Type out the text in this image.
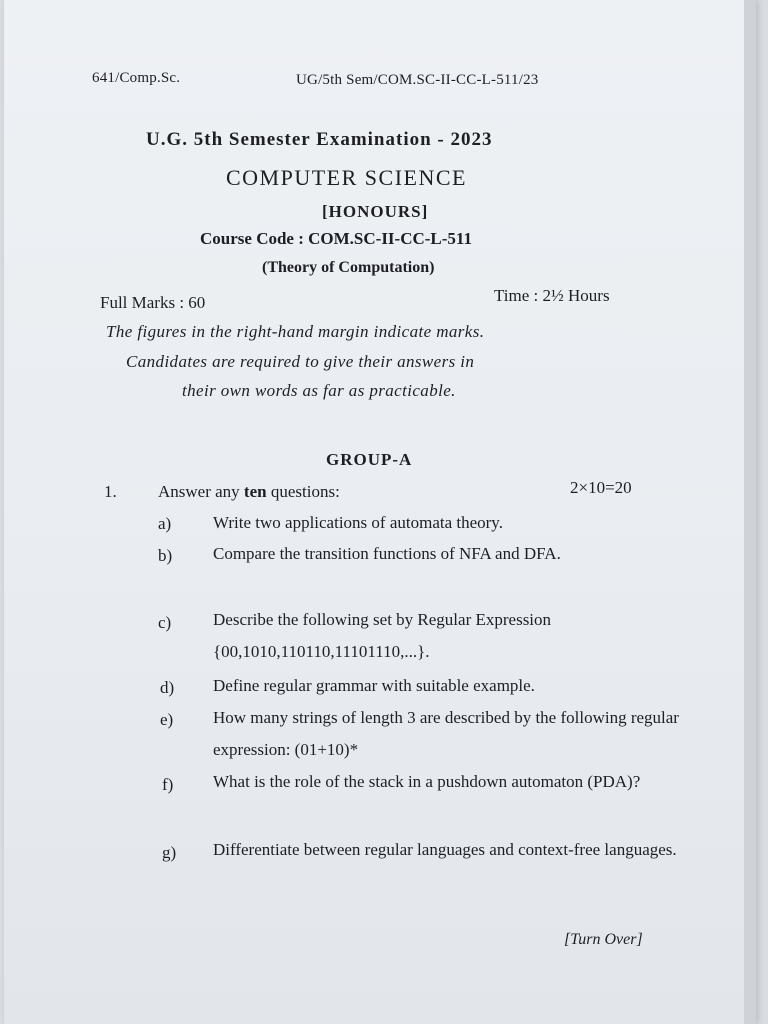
641/Comp.Sc.	UG/5th Sem/COM.SC-II-CC-L-511/23
U.G. 5th Semester Examination - 2023
COMPUTER SCIENCE
[HONOURS]
Course Code : COM.SC-II-CC-L-511
(Theory of Computation)
Full Marks : 60	Time : 2½ Hours
The figures in the right-hand margin indicate marks.
Candidates are required to give their answers in
their own words as far as practicable.
GROUP-A
1. Answer any ten questions:	2×10=20
a) Write two applications of automata theory.
b) Compare the transition functions of NFA and DFA.
c) Describe the following set by Regular Expression {00,1010,110110,11101110,...}.
d) Define regular grammar with suitable example.
e) How many strings of length 3 are described by the following regular expression: (01+10)*
f) What is the role of the stack in a pushdown automaton (PDA)?
g) Differentiate between regular languages and context-free languages.
[Turn Over]
